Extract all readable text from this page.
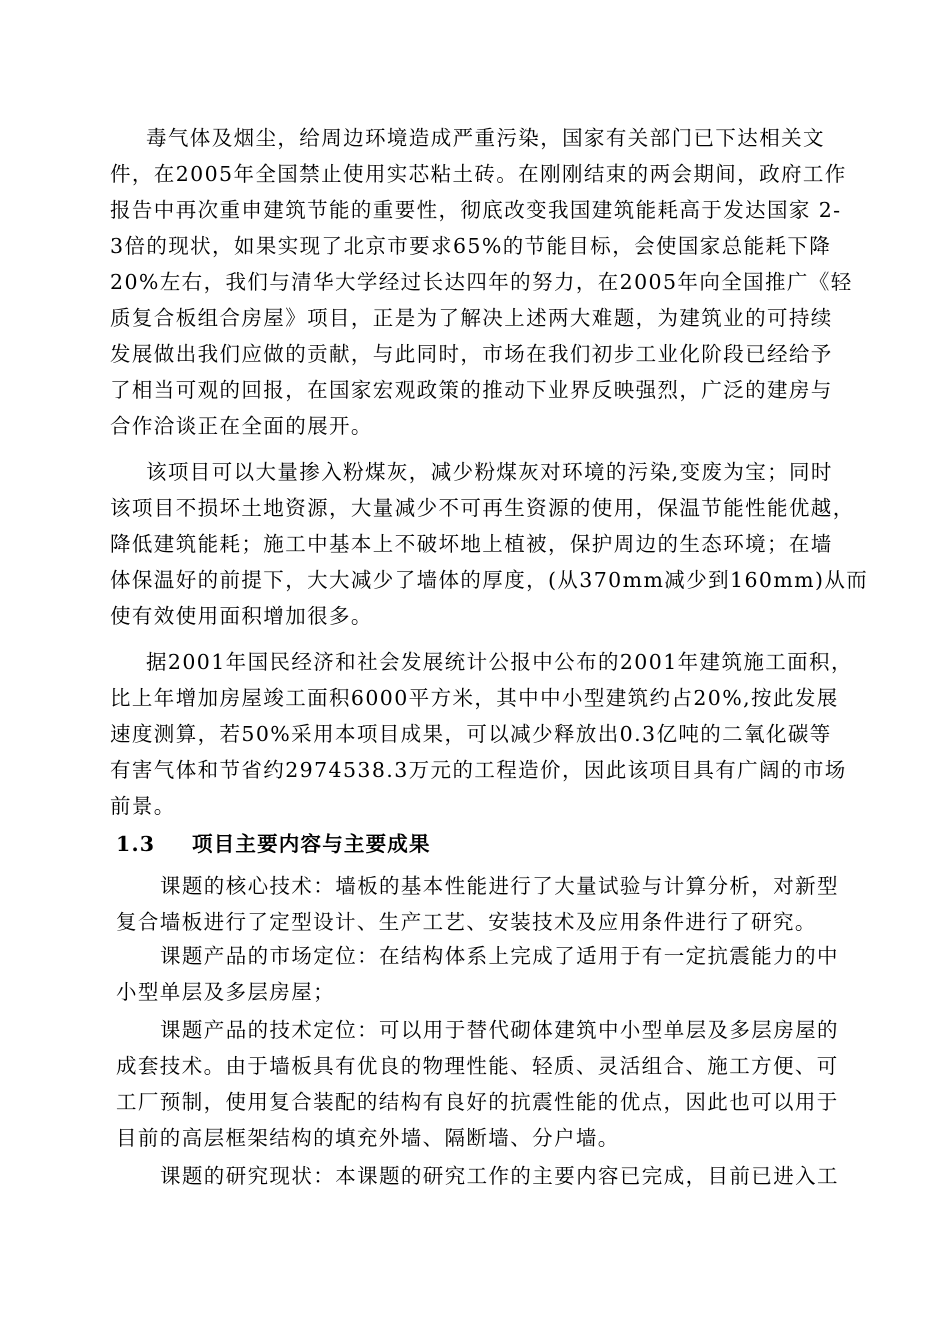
毒气体及烟尘，给周边环境造成严重污染，国家有关部门已下达相关文
件，在2005年全国禁止使用实芯粘土砖。在刚刚结束的两会期间，政府工作
报告中再次重申建筑节能的重要性，彻底改变我国建筑能耗高于发达国家 2-
3倍的现状，如果实现了北京市要求65%的节能目标，会使国家总能耗下降
20%左右，我们与清华大学经过长达四年的努力，在2005年向全国推广《轻
质复合板组合房屋》项目，正是为了解决上述两大难题，为建筑业的可持续
发展做出我们应做的贡献，与此同时，市场在我们初步工业化阶段已经给予
了相当可观的回报，在国家宏观政策的推动下业界反映强烈，广泛的建房与
合作洽谈正在全面的展开。
该项目可以大量掺入粉煤灰，减少粉煤灰对环境的污染,变废为宝；同时
该项目不损坏土地资源，大量减少不可再生资源的使用，保温节能性能优越，
降低建筑能耗；施工中基本上不破坏地上植被，保护周边的生态环境；在墙
体保温好的前提下，大大减少了墙体的厚度，(从370mm减少到160mm)从而
使有效使用面积增加很多。
据2001年国民经济和社会发展统计公报中公布的2001年建筑施工面积，
比上年增加房屋竣工面积6000平方米，其中中小型建筑约占20%,按此发展
速度测算，若50%采用本项目成果，可以减少释放出0.3亿吨的二氧化碳等
有害气体和节省约2974538.3万元的工程造价，因此该项目具有广阔的市场
前景。
1.3 项目主要内容与主要成果
课题的核心技术：墙板的基本性能进行了大量试验与计算分析，对新型
复合墙板进行了定型设计、生产工艺、安装技术及应用条件进行了研究。
课题产品的市场定位：在结构体系上完成了适用于有一定抗震能力的中
小型单层及多层房屋；
课题产品的技术定位：可以用于替代砌体建筑中小型单层及多层房屋的
成套技术。由于墙板具有优良的物理性能、轻质、灵活组合、施工方便、可
工厂预制，使用复合装配的结构有良好的抗震性能的优点，因此也可以用于
目前的高层框架结构的填充外墙、隔断墙、分户墙。
课题的研究现状：本课题的研究工作的主要内容已完成，目前已进入工
